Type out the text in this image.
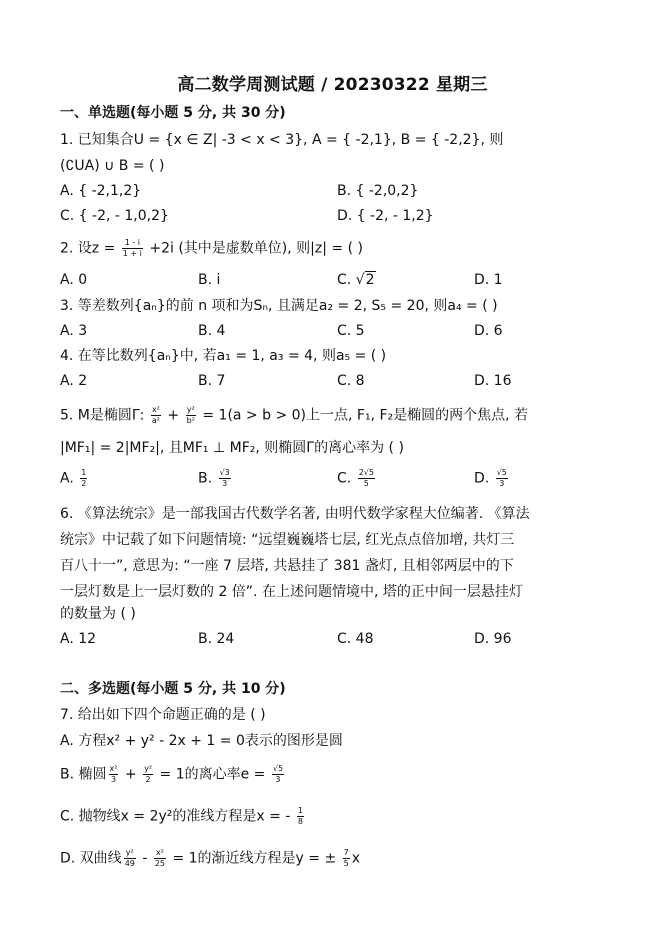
高二数学周测试题 / 20230322 星期三
一、单选题(每小题 5 分, 共 30 分)
1. 已知集合U = {x ∈ Z| -3 < x < 3}, A = { -2,1}, B = { -2,2}, 则
(∁UA) ∪ B = ( )
A. { -2,1,2}	B. { -2,0,2}
C. { -2, - 1,0,2}	D. { -2, - 1,2}
2. 设$z = \frac{1 - i}{1 + i} +2i$ (其中是虚数单位), 则|z| = ( )
A. 0	B. i	C. √2	D. 1
3. 等差数列{aₙ}的前 n 项和为Sₙ, 且满足a₂ = 2, S₅ = 20, 则a₄ = ( )
A. 3	B. 4	C. 5	D. 6
4. 在等比数列{aₙ}中, 若a₁ = 1, a₃ = 4, 则a₅ = ( )
A. 2	B. 7	C. 8	D. 16
5. M是椭圆Γ: $\frac{\text{x²}}{\text{a²}} + \frac{\text{y²}}{\text{b²}} = 1(a > b > 0)$上一点, F₁, F₂是椭圆的两个焦点, 若
|MF₁| = 2|MF₂|, 且MF₁ ⊥ MF₂, 则椭圆Γ的离心率为 ( )
A. $\frac{1}{2}$	B. $\frac{√3}{3}$	C. $\frac{2√5}{5}$	D. $\frac{√5}{3}$
6. 《算法统宗》是一部我国古代数学名著, 由明代数学家程大位编著. 《算法
统宗》中记载了如下问题情境: “远望巍巍塔七层, 红光点点倍加增, 共灯三
百八十一”, 意思为: “一座 7 层塔, 共悬挂了 381 盏灯, 且相邻两层中的下
一层灯数是上一层灯数的 2 倍”. 在上述问题情境中, 塔的正中间一层悬挂灯
的数量为 ( )
A. 12	B. 24	C. 48	D. 96
二、多选题(每小题 5 分, 共 10 分)
7. 给出如下四个命题正确的是 ( )
A. 方程x² + y² - 2x + 1 = 0表示的图形是圆
B. 椭圆 $\frac{\text{x²}}{3} + \frac{\text{y²}}{2} = 1$的离心率$e = \frac{√5}{3}$
C. 抛物线x = 2y²的准线方程是x = - $\frac{1}{8}$
D. 双曲线 $\frac{\text{y²}}{49} - \frac{\text{x²}}{25} = 1$的渐近线方程是y = ± $\frac{7}{5}$ x
